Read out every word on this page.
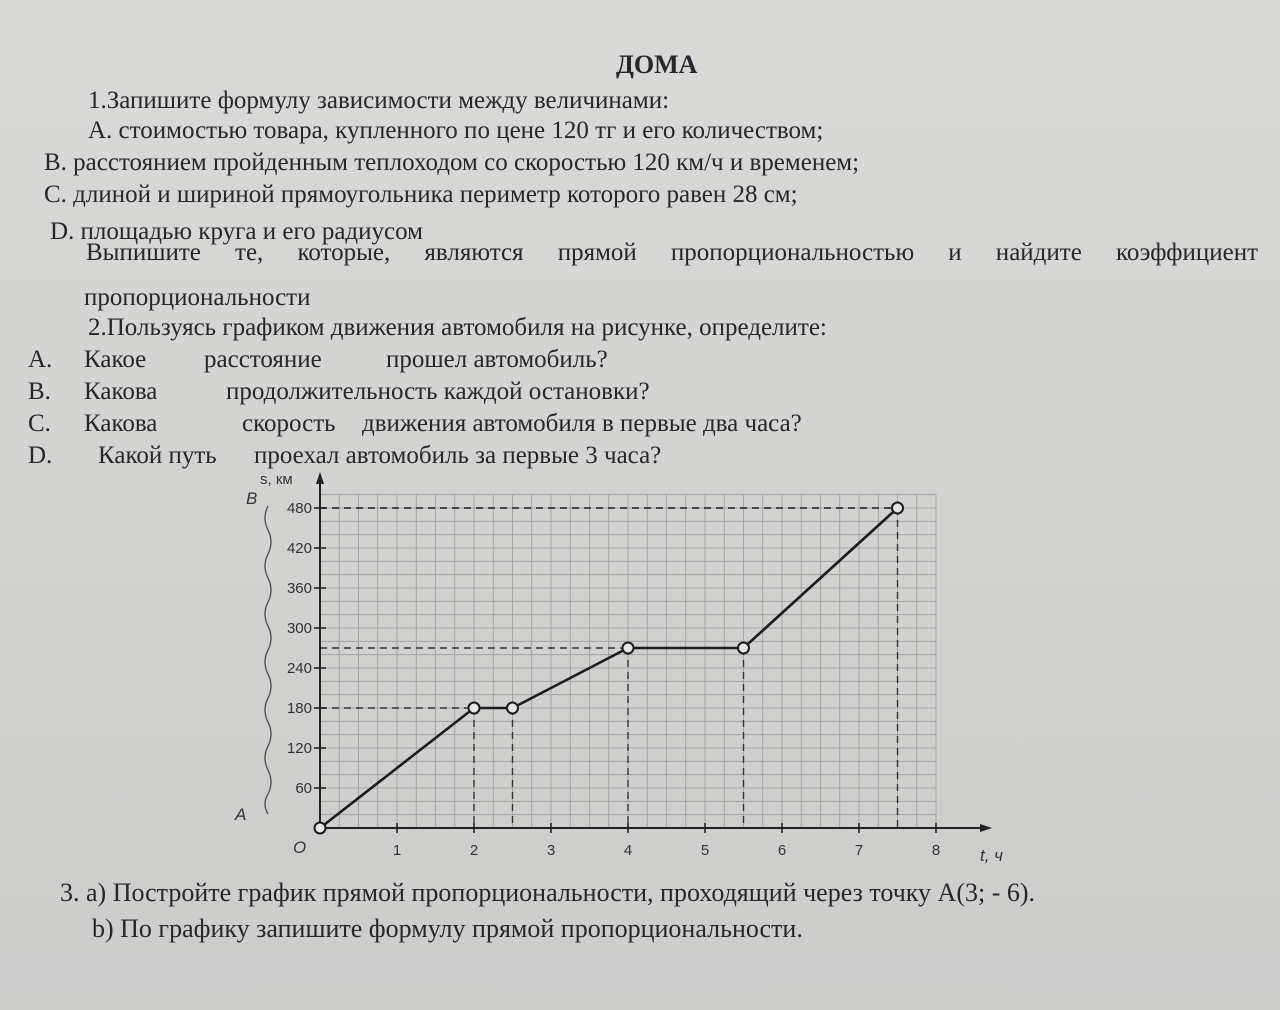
ДОМА
1.Запишите формулу зависимости между величинами:
A. стоимостью товара, купленного по цене 120 тг и его количеством;
B. расстоянием пройденным теплоходом со скоростью 120 км/ч и временем;
C. длиной и шириной прямоугольника периметр которого равен 28 см;
D. площадью круга и его радиусом
Выпишите те, которые, являются прямой пропорциональностью и найдите коэффициент
пропорциональности
2.Пользуясь графиком движения автомобиля на рисунке, определите:
A. Какое расстояние	прошел автомобиль?
B. Какова	продолжительность каждой остановки?
C. Какова	скорость движения автомобиля в первые два часа?
D. Какой путь проехал автомобиль за первые 3 часа?
1	2	3	4	5	6	7	8
60
120
180
240
300
360
420
480
s, км
t, ч
O
A
B
3. а) Постройте график прямой пропорциональности, проходящий через точку A(3; - 6).
b) По графику запишите формулу прямой пропорциональности.
